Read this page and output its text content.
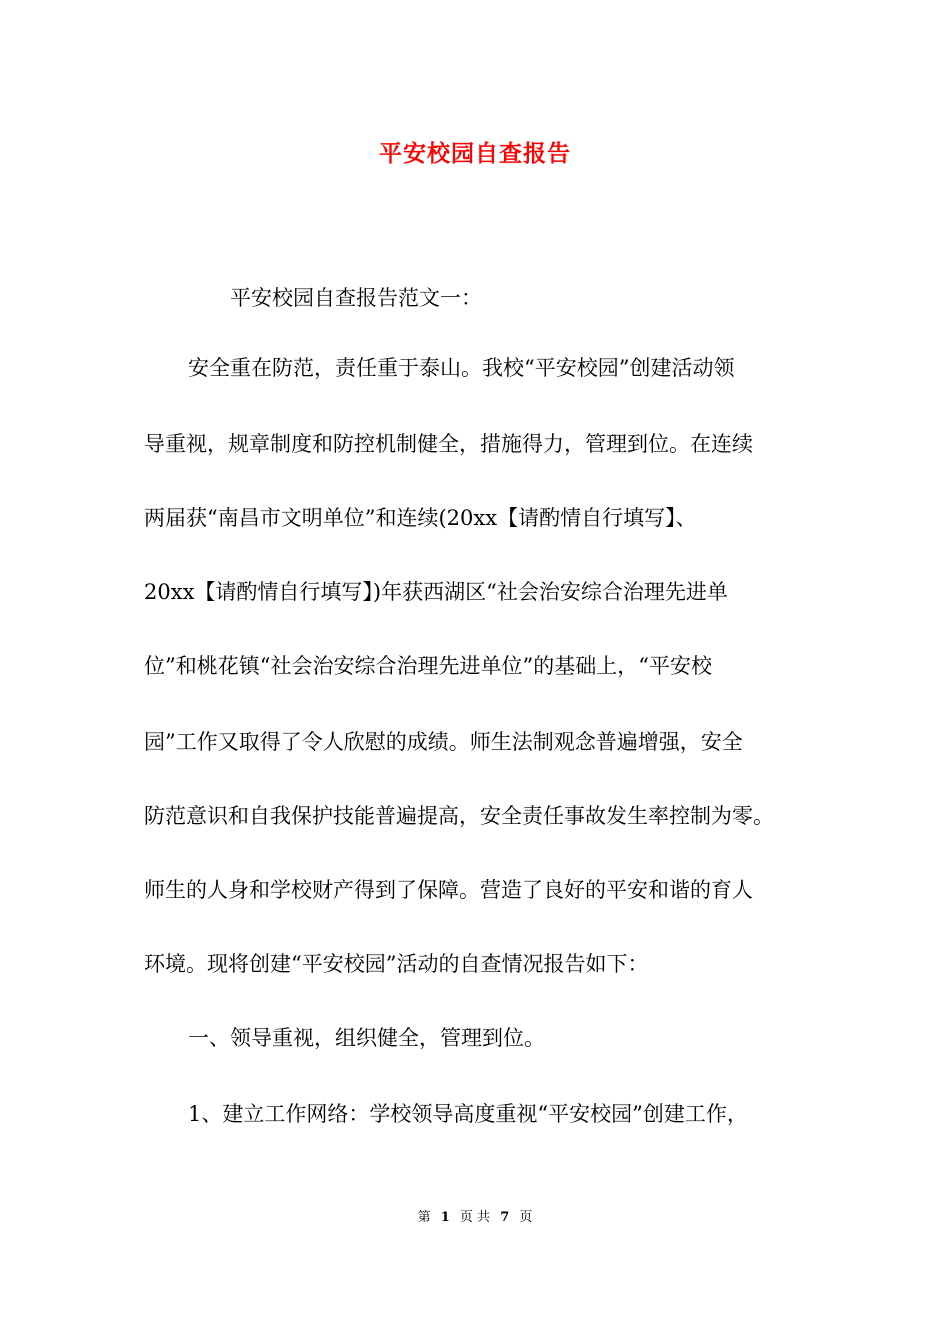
平安校园自查报告
平安校园自查报告范文一：
安全重在防范，责任重于泰山。我校“平安校园”创建活动领
导重视，规章制度和防控机制健全，措施得力，管理到位。在连续
两届获“南昌市文明单位”和连续(20xx【请酌情自行填写】、
20xx【请酌情自行填写】)年获西湖区“社会治安综合治理先进单
位”和桃花镇“社会治安综合治理先进单位”的基础上，“平安校
园”工作又取得了令人欣慰的成绩。师生法制观念普遍增强，安全
防范意识和自我保护技能普遍提高，安全责任事故发生率控制为零。
师生的人身和学校财产得到了保障。营造了良好的平安和谐的育人
环境。现将创建“平安校园”活动的自查情况报告如下：
一、领导重视，组织健全，管理到位。
1、建立工作网络：学校领导高度重视“平安校园”创建工作，
第 1 页 共 7 页
